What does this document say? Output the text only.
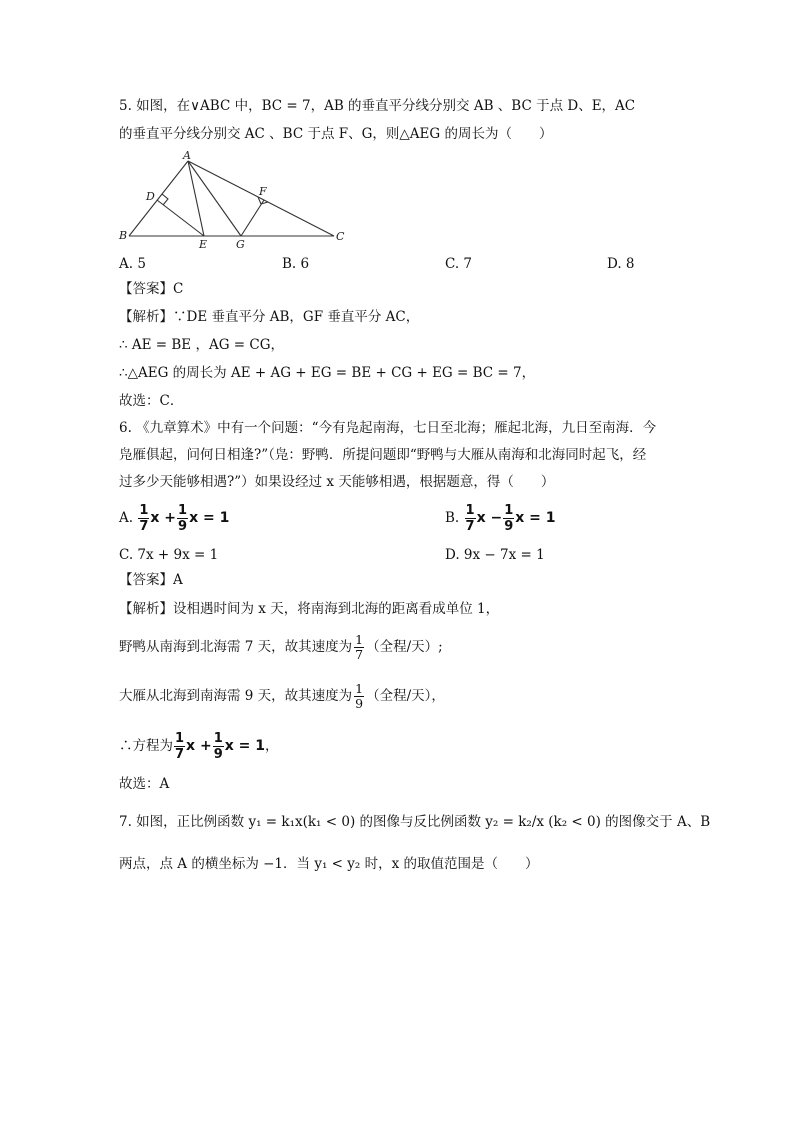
5. 如图，在∨ABC 中，BC = 7，AB 的垂直平分线分别交 AB 、BC 于点 D、E，AC
的垂直平分线分别交 AC 、BC 于点 F、G，则△AEG 的周长为（　　）
A
B	C
D
E
F
G
A. 5	B. 6	C. 7	D. 8
【答案】C
【解析】∵DE 垂直平分 AB，GF 垂直平分 AC，
∴ AE = BE ，AG = CG，
∴△AEG 的周长为 AE + AG + EG = BE + CG + EG = BC = 7，
故选：C．
6. 《九章算术》中有一个问题：“今有凫起南海，七日至北海；雁起北海，九日至南海．今
凫雁俱起，问何日相逢?”（凫：野鸭．所提问题即“野鸭与大雁从南海和北海同时起飞，经
过多少天能够相遇?”）如果设经过 x 天能够相遇，根据题意，得（　　）
A. $\frac{1}{7}$ $x + \frac{1}{9}$ x = 1	B. $\frac{1}{7}$ $x - \frac{1}{9}$ x = 1
C. 7x + 9x = 1	D. 9x − 7x = 1
【答案】A
【解析】设相遇时间为 x 天，将南海到北海的距离看成单位 1，
野鸭从南海到北海需 7 天，故其速度为 $\frac{1}{7}$ （全程/天）;
大雁从北海到南海需 9 天，故其速度为 $\frac{1}{9}$ （全程/天），
∴方程为 $\frac{1}{7}$ $x + \frac{1}{9}$ x = 1，
故选：A
7. 如图，正比例函数 y₁ = k₁x(k₁ < 0) 的图像与反比例函数 y₂ = k₂/x (k₂ < 0) 的图像交于 A、B
两点，点 A 的横坐标为 −1．当 y₁ < y₂ 时，x 的取值范围是（　　）
